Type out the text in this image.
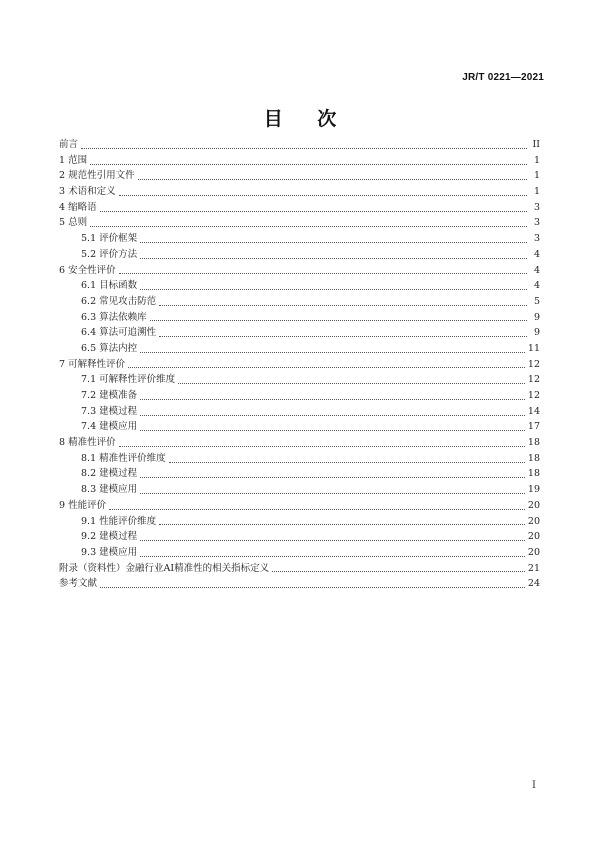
JR/T 0221—2021
目 次
前言	II
1 范围	1
2 规范性引用文件	1
3 术语和定义	1
4 缩略语	3
5 总则	3
5.1 评价框架	3
5.2 评价方法	4
6 安全性评价	4
6.1 目标函数	4
6.2 常见攻击防范	5
6.3 算法依赖库	9
6.4 算法可追溯性	9
6.5 算法内控	11
7 可解释性评价	12
7.1 可解释性评价维度	12
7.2 建模准备	12
7.3 建模过程	14
7.4 建模应用	17
8 精准性评价	18
8.1 精准性评价维度	18
8.2 建模过程	18
8.3 建模应用	19
9 性能评价	20
9.1 性能评价维度	20
9.2 建模过程	20
9.3 建模应用	20
附录（资料性）金融行业AI精准性的相关指标定义	21
参考文献	24
I
